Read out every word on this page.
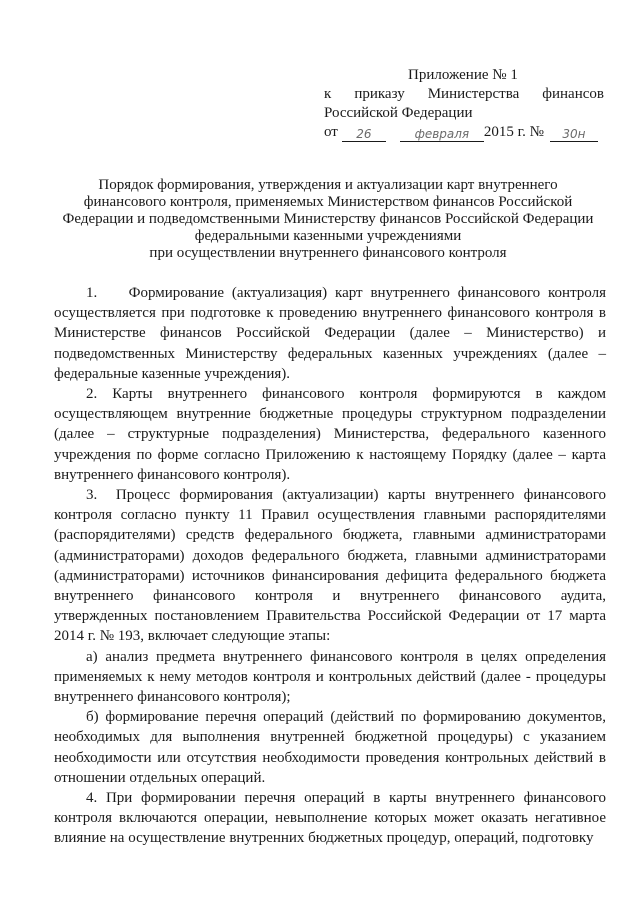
Приложение № 1
к приказу Министерства финансов
Российской Федерации
от	26	февраля 2015 г. №	30н
Порядок формирования, утверждения и актуализации карт внутреннего
финансового контроля, применяемых Министерством финансов Российской
Федерации и подведомственными Министерству финансов Российской Федерации
федеральными казенными учреждениями
при осуществлении внутреннего финансового контроля

1.    Формирование (актуализация) карт внутреннего финансового контроля осуществляется при подготовке к проведению внутреннего финансового контроля в Министерстве финансов Российской Федерации (далее – Министерство) и подведомственных Министерству федеральных казенных учреждениях (далее – федеральные казенные учреждения).

2. Карты внутреннего финансового контроля формируются в каждом осуществляющем внутренние бюджетные процедуры структурном подразделении (далее – структурные подразделения) Министерства, федерального казенного учреждения по форме согласно Приложению к настоящему Порядку (далее – карта внутреннего финансового контроля).

3.  Процесс формирования (актуализации) карты внутреннего финансового контроля согласно пункту 11 Правил осуществления главными распорядителями (распорядителями) средств федерального бюджета, главными администраторами (администраторами) доходов федерального бюджета, главными администраторами (администраторами) источников финансирования дефицита федерального бюджета внутреннего финансового контроля и внутреннего финансового аудита, утвержденных постановлением Правительства Российской Федерации от 17 марта 2014 г. № 193, включает следующие этапы:

а) анализ предмета внутреннего финансового контроля в целях определения применяемых к нему методов контроля и контрольных действий (далее - процедуры внутреннего финансового контроля);

б) формирование перечня операций (действий по формированию документов, необходимых для выполнения внутренней бюджетной процедуры) с указанием необходимости или отсутствия необходимости проведения контрольных действий в отношении отдельных операций.

4. При формировании перечня операций в карты внутреннего финансового контроля включаются операции, невыполнение которых может оказать негативное влияние на осуществление внутренних бюджетных процедур, операций, подготовку
